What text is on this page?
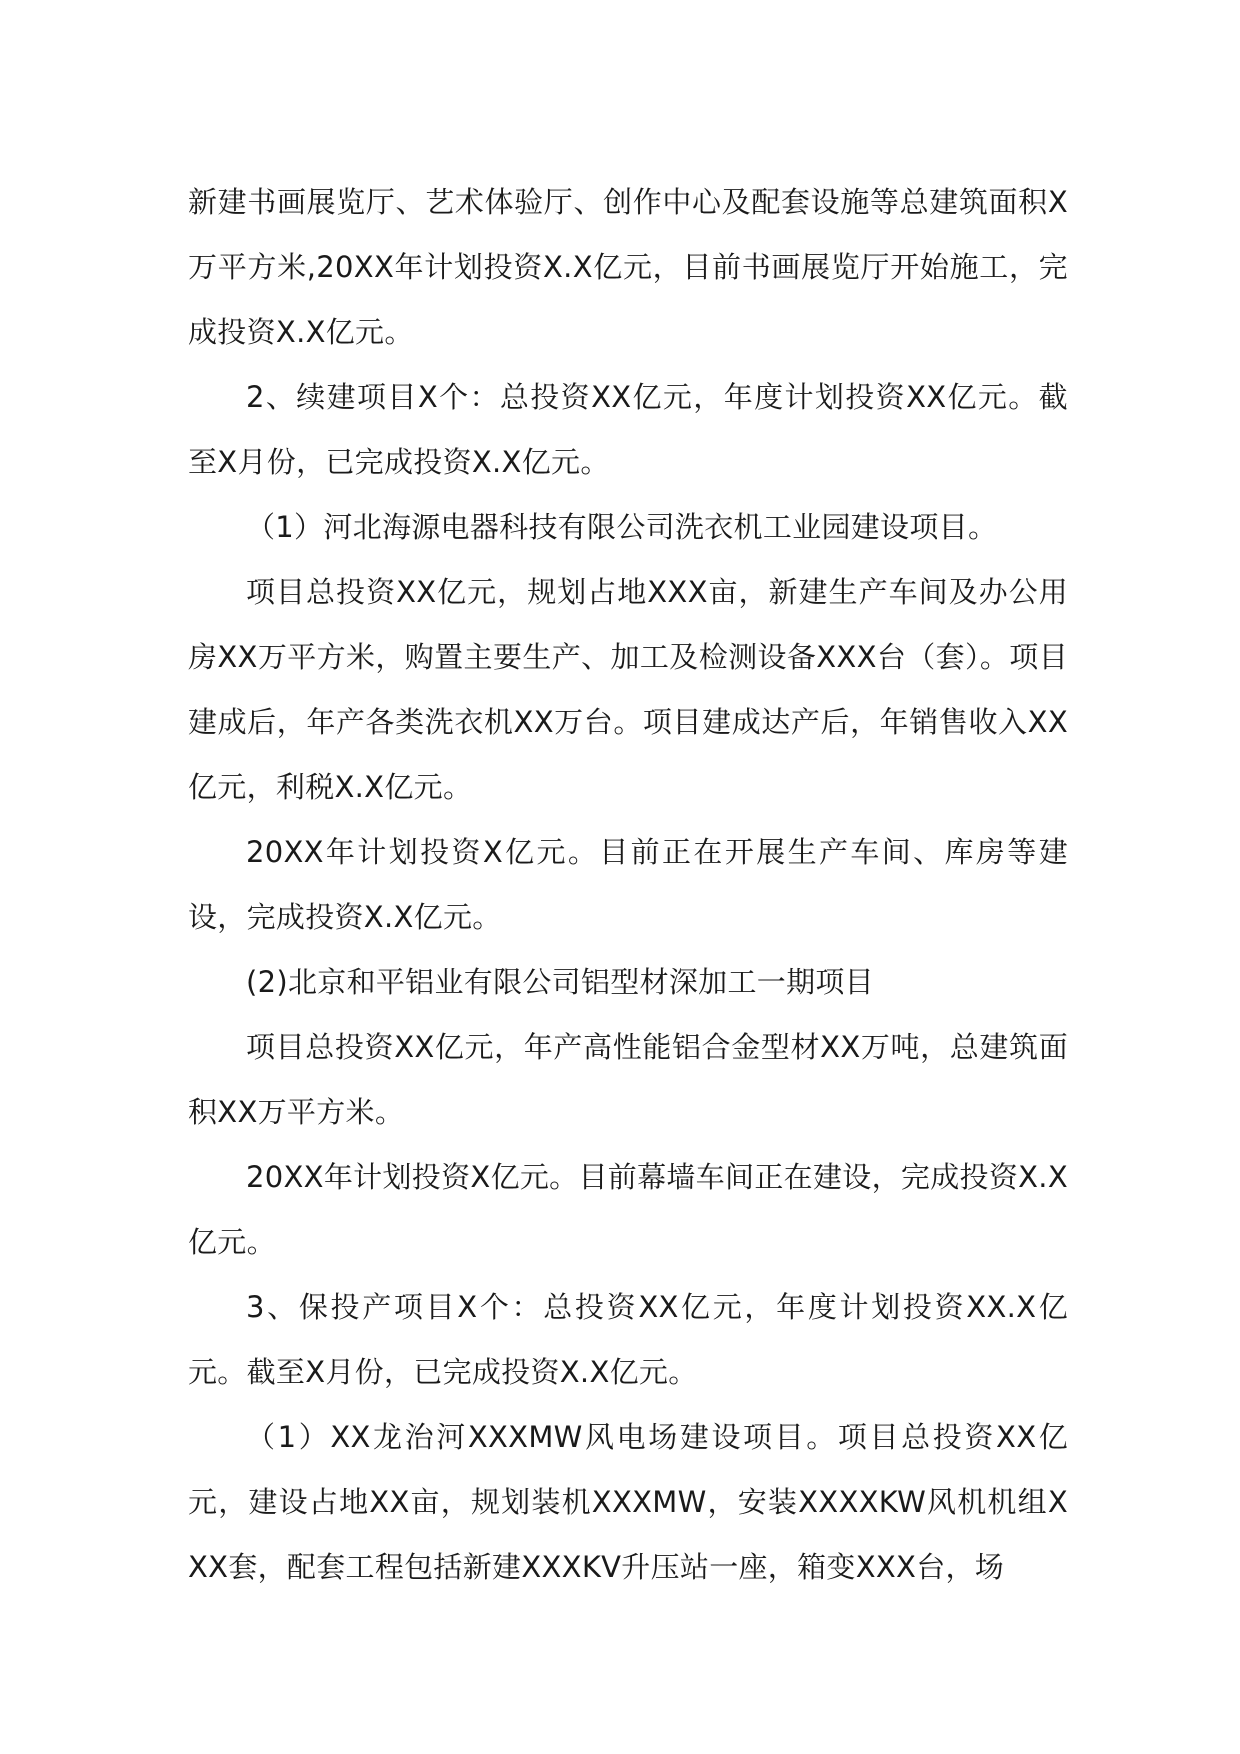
新建书画展览厅、艺术体验厅、创作中心及配套设施等总建筑面积X万平方米,20XX年计划投资X.X亿元，目前书画展览厅开始施工，完成投资X.X亿元。

2、续建项目X个：总投资XX亿元，年度计划投资XX亿元。截至X月份，已完成投资X.X亿元。

（1）河北海源电器科技有限公司洗衣机工业园建设项目。

项目总投资XX亿元，规划占地XXX亩，新建生产车间及办公用房XX万平方米，购置主要生产、加工及检测设备XXX台（套）。项目建成后，年产各类洗衣机XX万台。项目建成达产后，年销售收入XX亿元，利税X.X亿元。

20XX年计划投资X亿元。目前正在开展生产车间、库房等建设，完成投资X.X亿元。

(2)北京和平铝业有限公司铝型材深加工一期项目

项目总投资XX亿元，年产高性能铝合金型材XX万吨，总建筑面积XX万平方米。

20XX年计划投资X亿元。目前幕墙车间正在建设，完成投资X.X亿元。

3、保投产项目X个：总投资XX亿元，年度计划投资XX.X亿元。截至X月份，已完成投资X.X亿元。

（1）XX龙治河XXXMW风电场建设项目。项目总投资XX亿元，建设占地XX亩，规划装机XXXMW，安装XXXXKW风机机组XXX套，配套工程包括新建XXXKV升压站一座，箱变XXX台，场
